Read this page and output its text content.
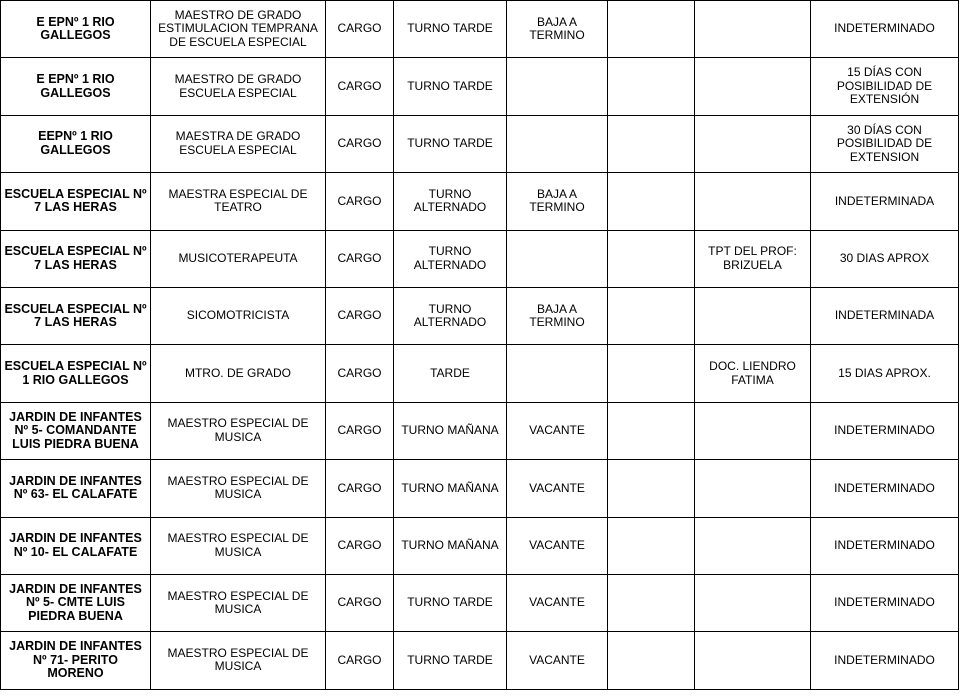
E EPNº 1 RIO GALLEGOS	MAESTRO DE GRADO ESTIMULACION TEMPRANA DE ESCUELA ESPECIAL	CARGO	TURNO TARDE	BAJA A TERMINO			INDETERMINADO
E EPNº 1 RIO GALLEGOS	MAESTRO DE GRADO ESCUELA ESPECIAL	CARGO	TURNO TARDE				15 DÍAS CON POSIBILIDAD DE EXTENSIÓN
EEPNº 1 RIO GALLEGOS	MAESTRA DE GRADO ESCUELA ESPECIAL	CARGO	TURNO TARDE				30 DÍAS CON POSIBILIDAD DE EXTENSION
ESCUELA ESPECIAL Nº 7 LAS HERAS	MAESTRA ESPECIAL DE TEATRO	CARGO	TURNO ALTERNADO	BAJA A TERMINO			INDETERMINADA
ESCUELA ESPECIAL Nº 7 LAS HERAS	MUSICOTERAPEUTA	CARGO	TURNO ALTERNADO			TPT DEL PROF: BRIZUELA	30 DIAS APROX
ESCUELA ESPECIAL Nº 7 LAS HERAS	SICOMOTRICISTA	CARGO	TURNO ALTERNADO	BAJA A TERMINO			INDETERMINADA
ESCUELA ESPECIAL Nº 1 RIO GALLEGOS	MTRO. DE GRADO	CARGO	TARDE			DOC. LIENDRO FATIMA	15 DIAS APROX.
JARDIN DE INFANTES Nº 5- COMANDANTE LUIS PIEDRA BUENA	MAESTRO ESPECIAL DE MUSICA	CARGO	TURNO MAÑANA	VACANTE			INDETERMINADO
JARDIN DE INFANTES Nº 63- EL CALAFATE	MAESTRO ESPECIAL DE MUSICA	CARGO	TURNO MAÑANA	VACANTE			INDETERMINADO
JARDIN DE INFANTES Nº 10- EL CALAFATE	MAESTRO ESPECIAL DE MUSICA	CARGO	TURNO MAÑANA	VACANTE			INDETERMINADO
JARDIN DE INFANTES Nº 5- CMTE LUIS PIEDRA BUENA	MAESTRO ESPECIAL DE MUSICA	CARGO	TURNO TARDE	VACANTE			INDETERMINADO
JARDIN DE INFANTES Nº 71- PERITO MORENO	MAESTRO ESPECIAL DE MUSICA	CARGO	TURNO TARDE	VACANTE			INDETERMINADO
